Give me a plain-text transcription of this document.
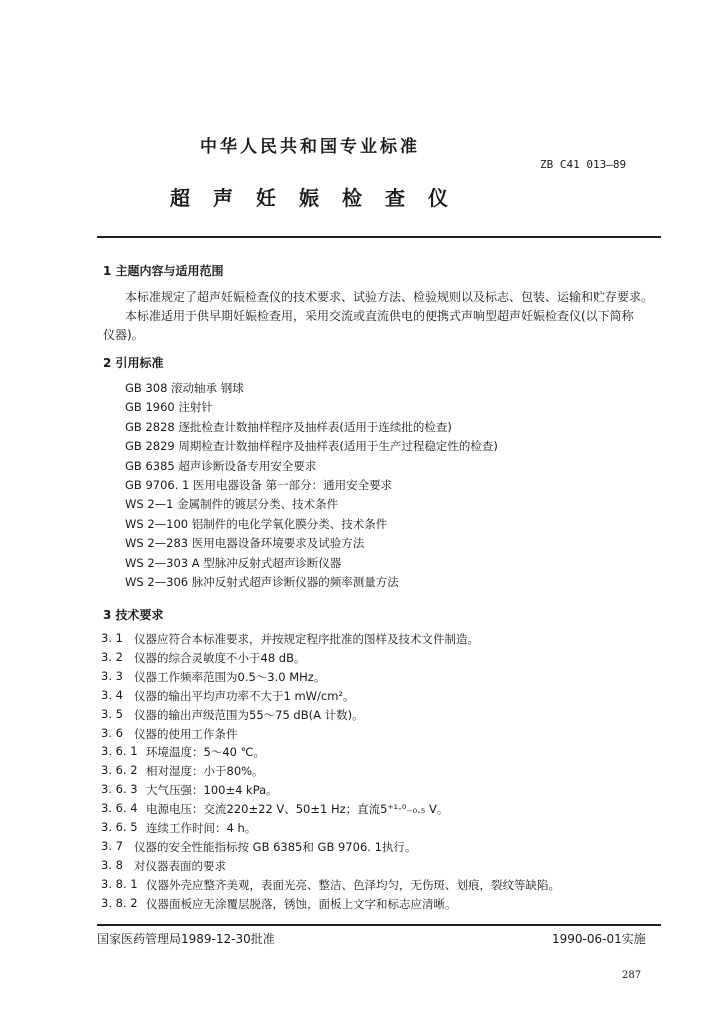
中华人民共和国专业标准
ZB C41 013—89
超声妊娠检查仪
1 主题内容与适用范围
本标准规定了超声妊娠检查仪的技术要求、试验方法、检验规则以及标志、包装、运输和贮存要求。
本标准适用于供早期妊娠检查用，采用交流或直流供电的便携式声响型超声妊娠检查仪(以下简称
仪器)。
2 引用标准
GB 308 滚动轴承 钢球
GB 1960 注射针
GB 2828 逐批检查计数抽样程序及抽样表(适用于连续批的检查)
GB 2829 周期检查计数抽样程序及抽样表(适用于生产过程稳定性的检查)
GB 6385 超声诊断设备专用安全要求
GB 9706. 1 医用电器设备 第一部分：通用安全要求
WS 2—1 金属制件的镀层分类、技术条件
WS 2—100 铝制件的电化学氧化膜分类、技术条件
WS 2—283 医用电器设备环境要求及试验方法
WS 2—303 A 型脉冲反射式超声诊断仪器
WS 2—306 脉冲反射式超声诊断仪器的频率测量方法
3 技术要求
3. 1 仪器应符合本标准要求，并按规定程序批准的图样及技术文件制造。
3. 2 仪器的综合灵敏度不小于48 dB。
3. 3 仪器工作频率范围为0.5～3.0 MHz。
3. 4 仪器的输出平均声功率不大于1 mW/cm²。
3. 5 仪器的输出声级范围为55～75 dB(A 计数)。
3. 6 仪器的使用工作条件
3. 6. 1 环境温度：5～40 ℃。
3. 6. 2 相对湿度：小于80%。
3. 6. 3 大气压强：100±4 kPa。
3. 6. 4 电源电压：交流220±22 V、50±1 Hz；直流5⁺¹·⁰₋₀.₅ V。
3. 6. 5 连续工作时间：4 h。
3. 7 仪器的安全性能指标按 GB 6385和 GB 9706. 1执行。
3. 8 对仪器表面的要求
3. 8. 1 仪器外壳应整齐美观，表面光亮、整洁、色泽均匀，无伤斑、划痕，裂纹等缺陷。
3. 8. 2 仪器面板应无涂覆层脱落，锈蚀，面板上文字和标志应清晰。
国家医药管理局1989-12-30批准	1990-06-01实施
287
